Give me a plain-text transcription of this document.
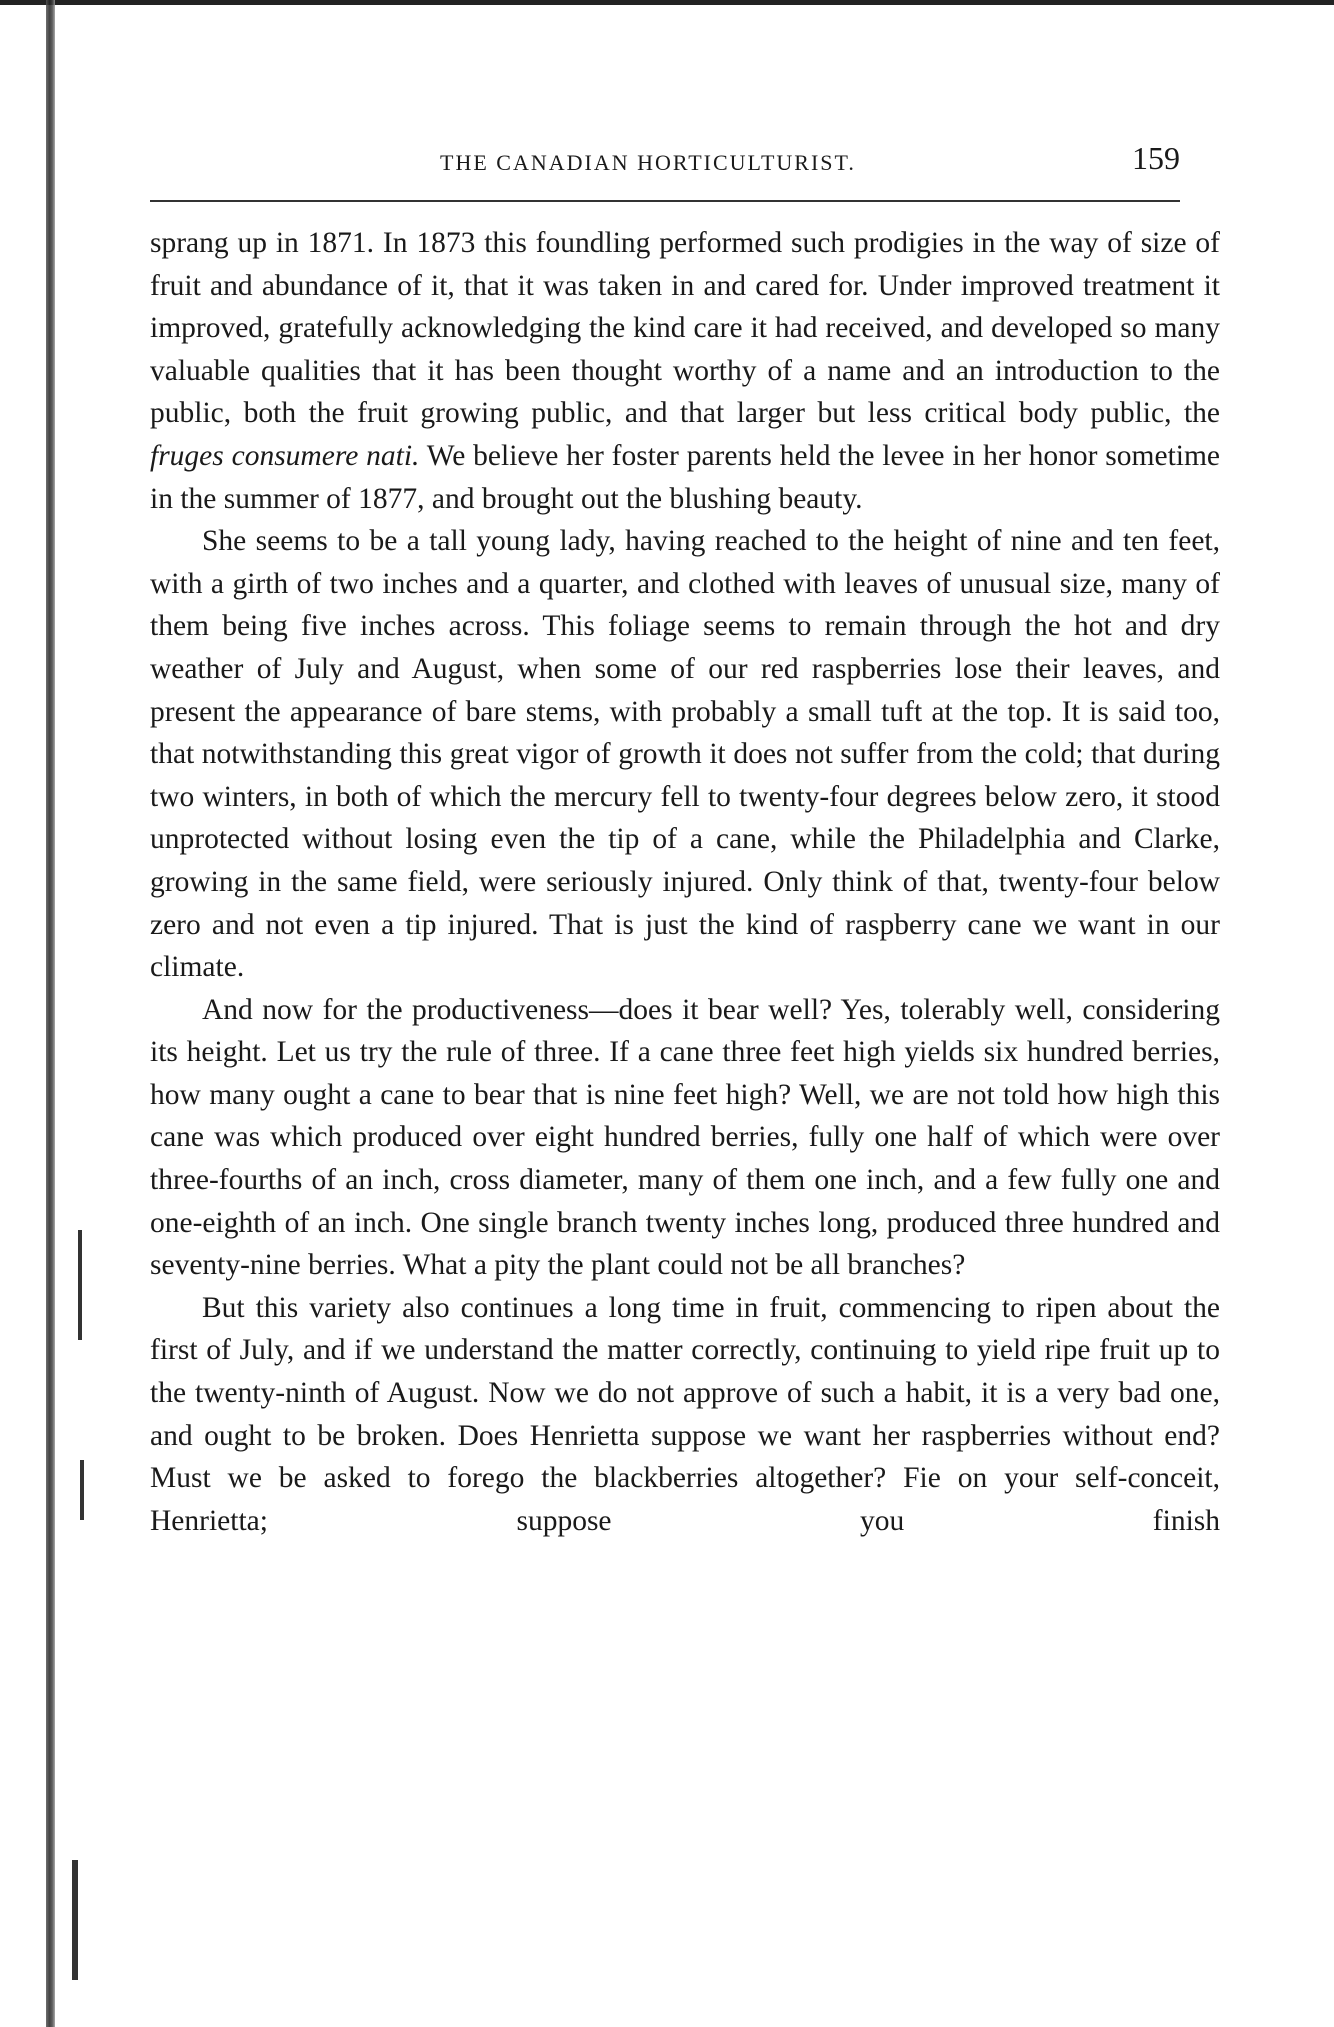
THE CANADIAN HORTICULTURIST.	159

sprang up in 1871. In 1873 this foundling performed such prodigies in the way of size of fruit and abundance of it, that it was taken in and cared for. Under improved treatment it improved, gratefully acknowledging the kind care it had received, and developed so many valuable qualities that it has been thought worthy of a name and an introduction to the public, both the fruit growing public, and that larger but less critical body public, the fruges consumere nati. We believe her foster parents held the levee in her honor sometime in the summer of 1877, and brought out the blushing beauty.

She seems to be a tall young lady, having reached to the height of nine and ten feet, with a girth of two inches and a quarter, and clothed with leaves of unusual size, many of them being five inches across. This foliage seems to remain through the hot and dry weather of July and August, when some of our red raspberries lose their leaves, and present the appearance of bare stems, with probably a small tuft at the top. It is said too, that notwithstanding this great vigor of growth it does not suffer from the cold; that during two winters, in both of which the mercury fell to twenty-four degrees below zero, it stood unprotected without losing even the tip of a cane, while the Philadelphia and Clarke, growing in the same field, were seriously injured. Only think of that, twenty-four below zero and not even a tip injured. That is just the kind of raspberry cane we want in our climate.

And now for the productiveness—does it bear well? Yes, tolerably well, considering its height. Let us try the rule of three. If a cane three feet high yields six hundred berries, how many ought a cane to bear that is nine feet high? Well, we are not told how high this cane was which produced over eight hundred berries, fully one half of which were over three-fourths of an inch, cross diameter, many of them one inch, and a few fully one and one-eighth of an inch. One single branch twenty inches long, produced three hundred and seventy-nine berries. What a pity the plant could not be all branches?

But this variety also continues a long time in fruit, commencing to ripen about the first of July, and if we understand the matter correctly, continuing to yield ripe fruit up to the twenty-ninth of August. Now we do not approve of such a habit, it is a very bad one, and ought to be broken. Does Henrietta suppose we want her raspberries without end? Must we be asked to forego the blackberries altogether? Fie on your self-conceit, Henrietta; suppose you finish
